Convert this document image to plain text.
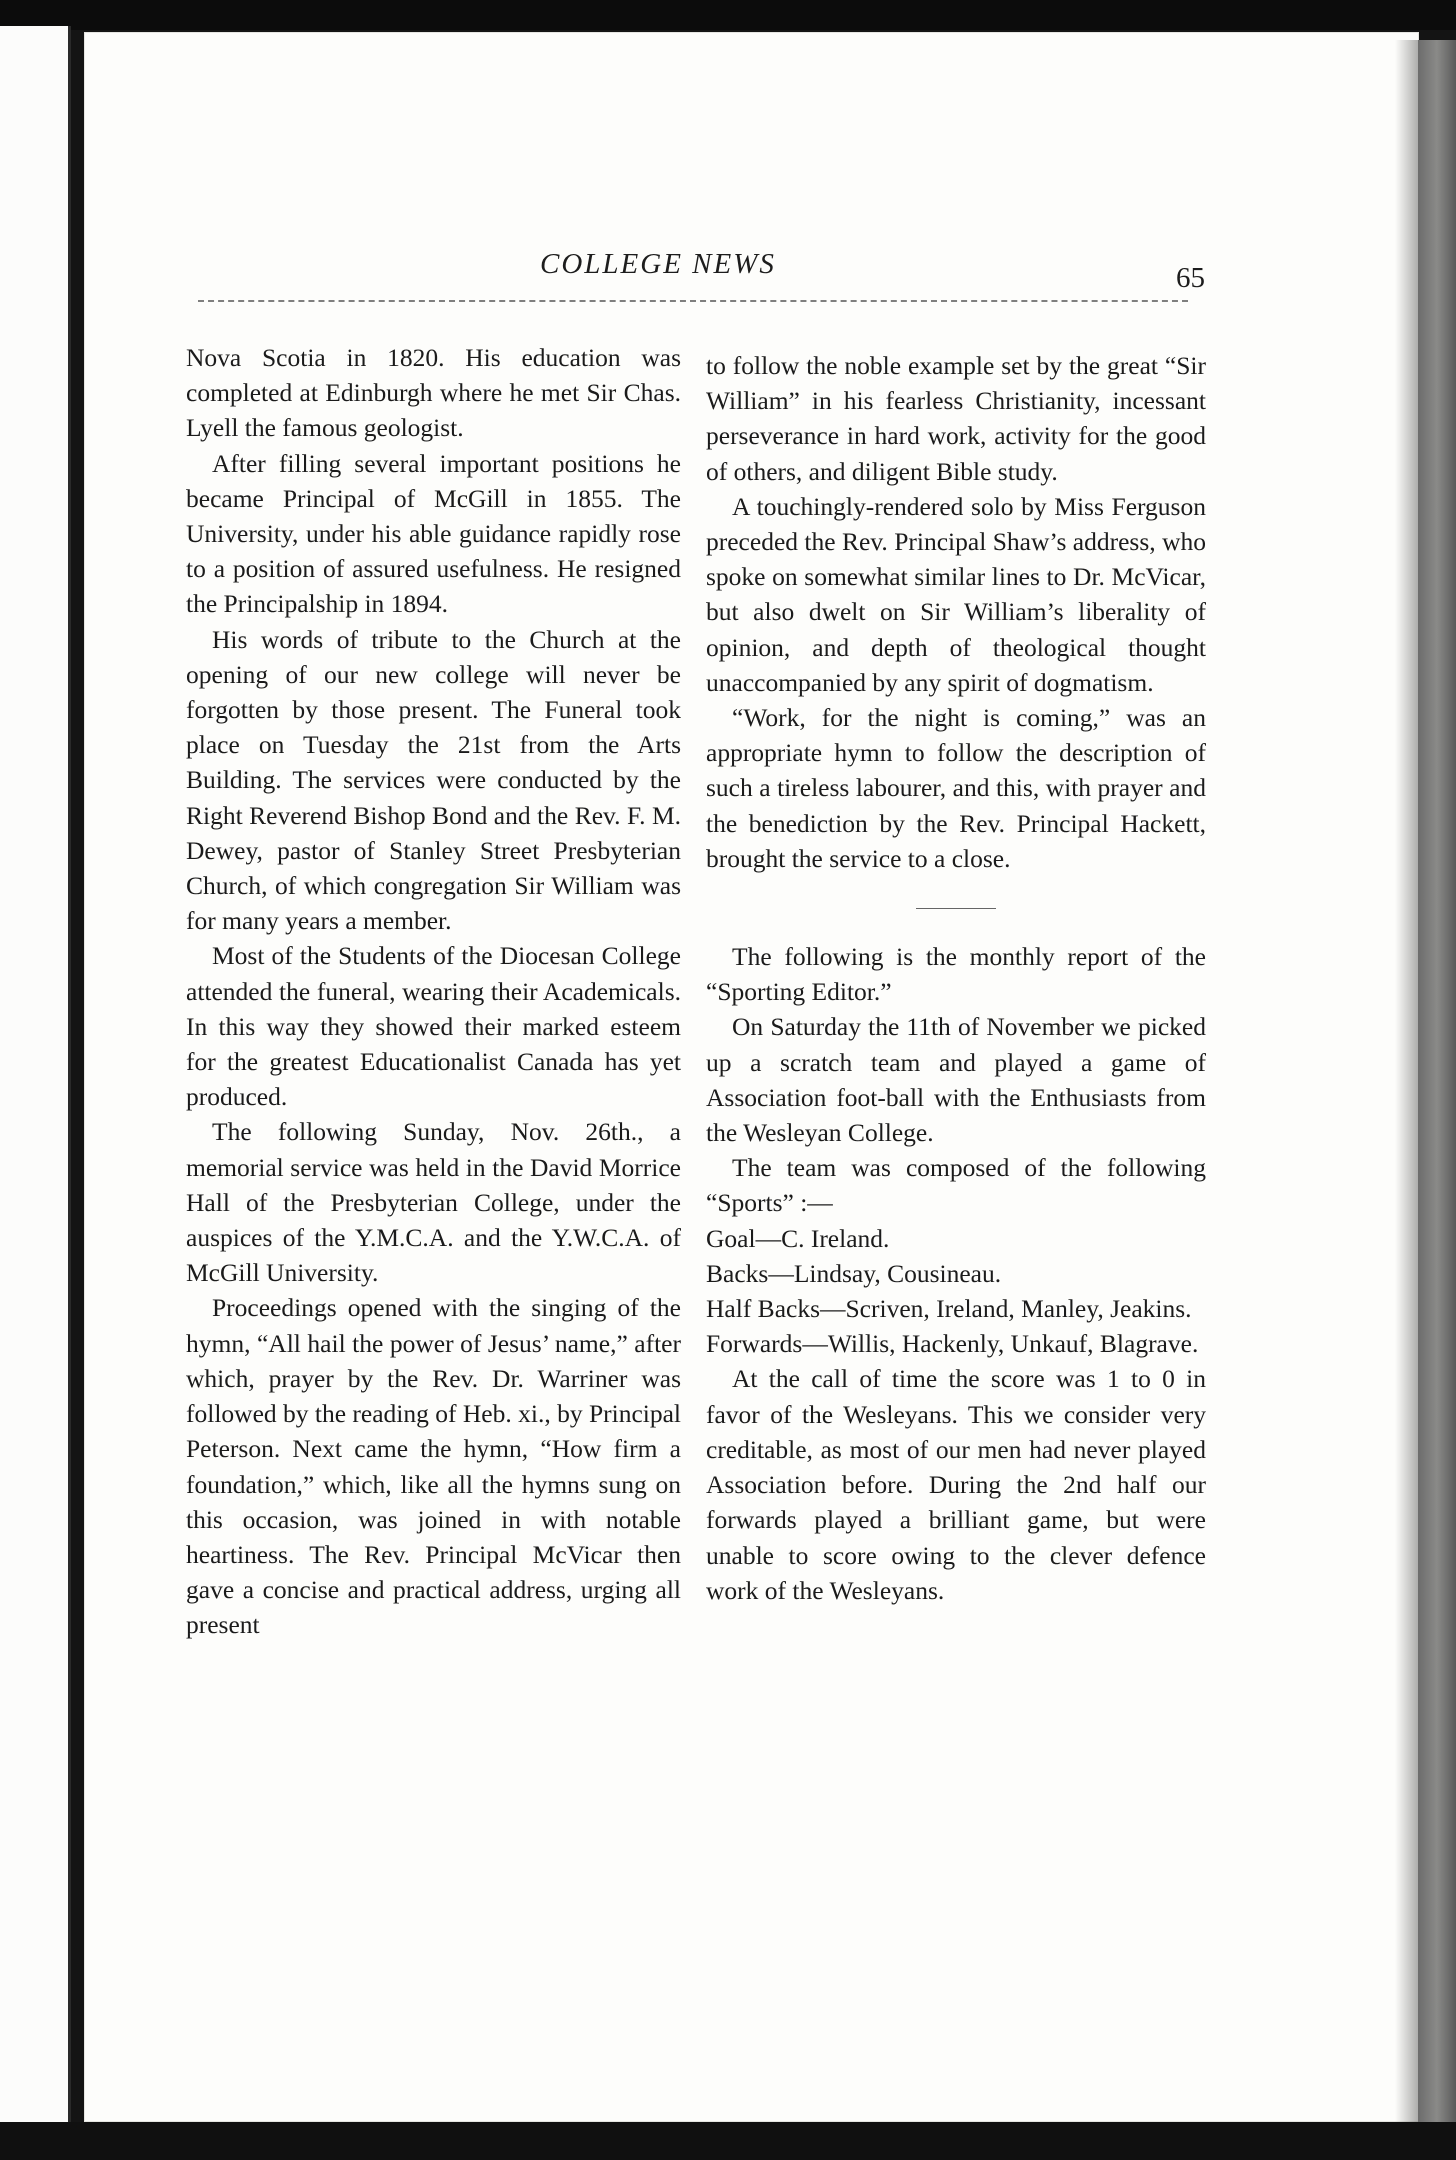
COLLEGE NEWS	65

Nova Scotia in 1820. His education was completed at Edinburgh where he met Sir Chas. Lyell the famous geologist.

After filling several important positions he became Principal of McGill in 1855. The University, under his able guidance rapidly rose to a position of assured usefulness. He resigned the Principalship in 1894.

His words of tribute to the Church at the opening of our new college will never be forgotten by those present. The Funeral took place on Tuesday the 21st from the Arts Building. The services were conducted by the Right Reverend Bishop Bond and the Rev. F. M. Dewey, pastor of Stanley Street Presbyterian Church, of which congregation Sir William was for many years a member.

Most of the Students of the Diocesan College attended the funeral, wearing their Academicals. In this way they showed their marked esteem for the greatest Educationalist Canada has yet produced.

The following Sunday, Nov. 26th., a memorial service was held in the David Morrice Hall of the Presbyterian College, under the auspices of the Y.M.C.A. and the Y.W.C.A. of McGill University.

Proceedings opened with the singing of the hymn, “All hail the power of Jesus’ name,” after which, prayer by the Rev. Dr. Warriner was followed by the reading of Heb. xi., by Principal Peterson. Next came the hymn, “How firm a foundation,” which, like all the hymns sung on this occasion, was joined in with notable heartiness. The Rev. Principal McVicar then gave a concise and practical address, urging all present

to follow the noble example set by the great “Sir William” in his fearless Christianity, incessant perseverance in hard work, activity for the good of others, and diligent Bible study.

A touchingly-rendered solo by Miss Ferguson preceded the Rev. Principal Shaw’s address, who spoke on somewhat similar lines to Dr. McVicar, but also dwelt on Sir William’s liberality of opinion, and depth of theological thought unaccompanied by any spirit of dogmatism.

“Work, for the night is coming,” was an appropriate hymn to follow the description of such a tireless labourer, and this, with prayer and the benediction by the Rev. Principal Hackett, brought the service to a close.

The following is the monthly report of the “Sporting Editor.”

On Saturday the 11th of November we picked up a scratch team and played a game of Association foot-ball with the Enthusiasts from the Wesleyan College.

The team was composed of the following “Sports” :—

Goal—C. Ireland.

Backs—Lindsay, Cousineau.

Half Backs—Scriven, Ireland, Manley, Jeakins.

Forwards—Willis, Hackenly, Unkauf, Blagrave.

At the call of time the score was 1 to 0 in favor of the Wesleyans. This we consider very creditable, as most of our men had never played Association before. During the 2nd half our forwards played a brilliant game, but were unable to score owing to the clever defence work of the Wesleyans.
